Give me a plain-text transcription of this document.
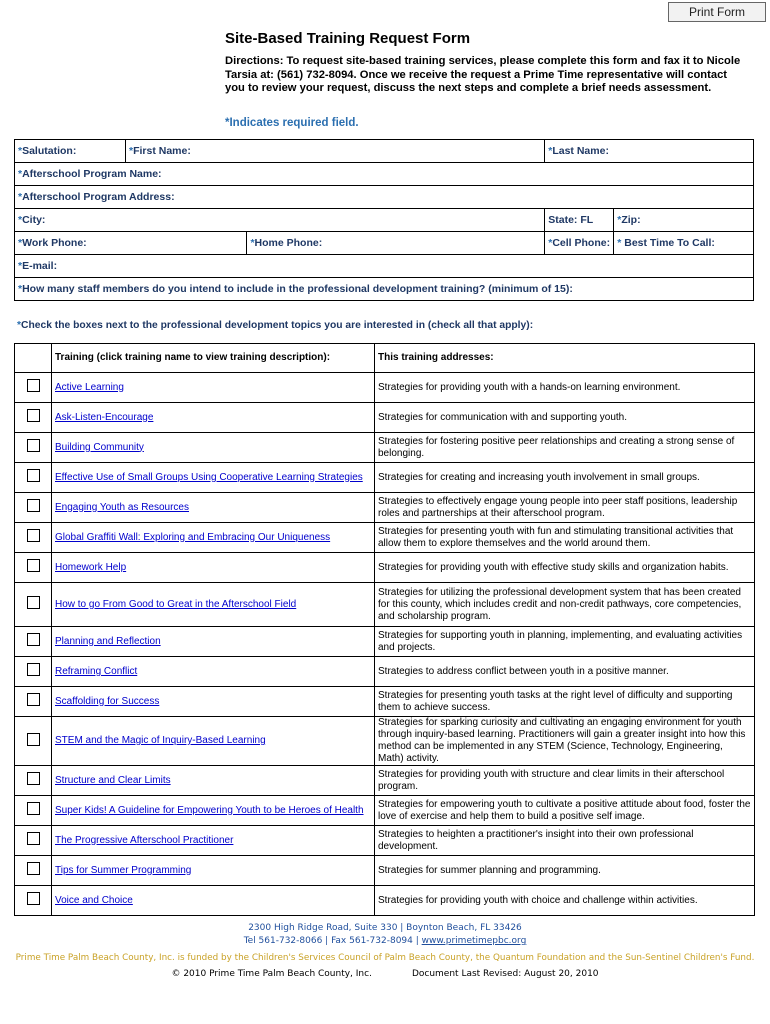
Print Form
Site-Based Training Request Form
Directions: To request site-based training services, please complete this form and fax it to Nicole Tarsia at: (561) 732-8094. Once we receive the request a Prime Time representative will contact you to review your request, discuss the next steps and complete a brief needs assessment.
*Indicates required field.
*Salutation:	*First Name:		*Last Name:	
*Afterschool Program Name:				
*Afterschool Program Address:				
*City:			State: FL	*Zip:
*Work Phone:		*Home Phone:	*Cell Phone:	* Best Time To Call:
*E-mail:				
*How many staff members do you intend to include in the professional development training? (minimum of 15):				
*Check the boxes next to the professional development topics you are interested in (check all that apply):
	Training (click training name to view training description):	This training addresses:
	Active Learning	Strategies for providing youth with a hands-on learning environment.
	Ask-Listen-Encourage	Strategies for communication with and supporting youth.
	Building Community	Strategies for fostering positive peer relationships and creating a strong sense of belonging.
	Effective Use of Small Groups Using Cooperative Learning Strategies	Strategies for creating and increasing youth involvement in small groups.
	Engaging Youth as Resources	Strategies to effectively engage young people into peer staff positions, leadership roles and partnerships at their afterschool program.
	Global Graffiti Wall: Exploring and Embracing Our Uniqueness	Strategies for presenting youth with fun and stimulating transitional activities that allow them to explore themselves and the world around them.
	Homework Help	Strategies for providing youth with effective study skills and organization habits.
	How to go From Good to Great in the Afterschool Field	Strategies for utilizing the professional development system that has been created for this county, which includes credit and non-credit pathways, core competencies, and scholarship program.
	Planning and Reflection	Strategies for supporting youth in planning, implementing, and evaluating activities and projects.
	Reframing Conflict	Strategies to address conflict between youth in a positive manner.
	Scaffolding for Success	Strategies for presenting youth tasks at the right level of difficulty and supporting them to achieve success.
	STEM and the Magic of Inquiry-Based Learning	Strategies for sparking curiosity and cultivating an engaging environment for youth through inquiry-based learning. Practitioners will gain a greater insight into how this method can be implemented in any STEM (Science, Technology, Engineering, Math) activity.
	Structure and Clear Limits	Strategies for providing youth with structure and clear limits in their afterschool program.
	Super Kids! A Guideline for Empowering Youth to be Heroes of Health	Strategies for empowering youth to cultivate a positive attitude about food, foster the love of exercise and help them to build a positive self image.
	The Progressive Afterschool Practitioner	Strategies to heighten a practitioner's insight into their own professional development.
	Tips for Summer Programming	Strategies for summer planning and programming.
	Voice and Choice	Strategies for providing youth with choice and challenge within activities.
2300 High Ridge Road, Suite 330 | Boynton Beach, FL 33426
Tel 561-732-8066 | Fax 561-732-8094 | www.primetimepbc.org
Prime Time Palm Beach County, Inc. is funded by the Children's Services Council of Palm Beach County, the Quantum Foundation and the Sun-Sentinel Children's Fund.
© 2010 Prime Time Palm Beach County, Inc.	Document Last Revised: August 20, 2010
